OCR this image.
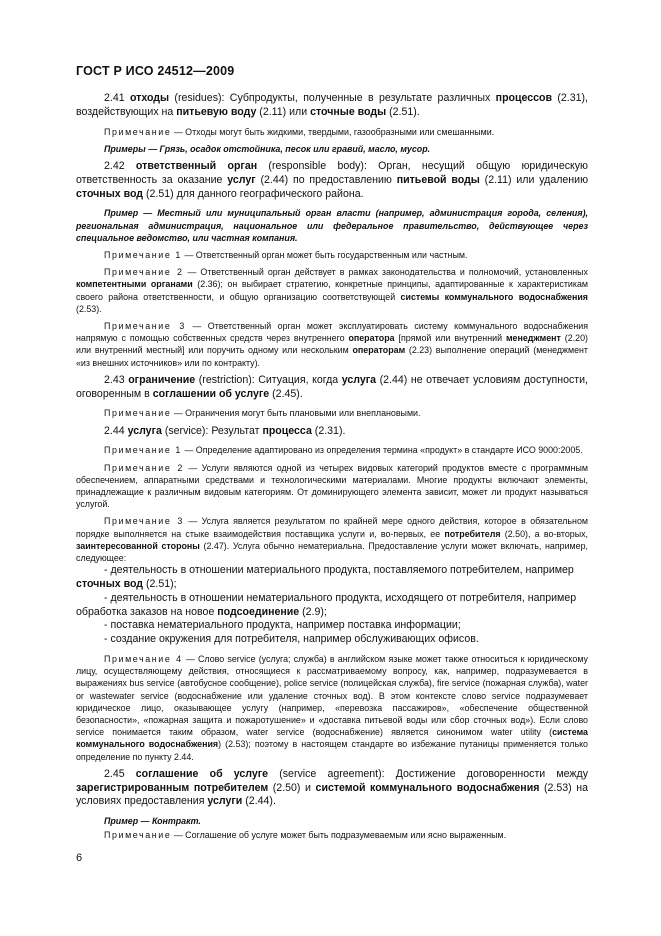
ГОСТ Р ИСО 24512—2009

2.41 отходы (residues): Субпродукты, полученные в результате различных процессов (2.31), воздействующих на питьевую воду (2.11) или сточные воды (2.51).

Примечание — Отходы могут быть жидкими, твердыми, газообразными или смешанными.

Примеры — Грязь, осадок отстойника, песок или гравий, масло, мусор.

2.42 ответственный орган (responsible body): Орган, несущий общую юридическую ответственность за оказание услуг (2.44) по предоставлению питьевой воды (2.11) или удалению сточных вод (2.51) для данного географического района.

Пример — Местный или муниципальный орган власти (например, администрация города, селения), региональная администрация, национальное или федеральное правительство, действующее через специальное ведомство, или частная компания.

Примечание 1 — Ответственный орган может быть государственным или частным.

Примечание 2 — Ответственный орган действует в рамках законодательства и полномочий, установленных компетентными органами (2.36); он выбирает стратегию, конкретные принципы, адаптированные к характеристикам своего района ответственности, и общую организацию соответствующей системы коммунального водоснабжения (2.53).

Примечание 3 — Ответственный орган может эксплуатировать систему коммунального водоснабжения напрямую с помощью собственных средств через внутреннего оператора [прямой или внутренний менеджмент (2.20) или внутренний местный] или поручить одному или нескольким операторам (2.23) выполнение операций (менеджмент «из внешних источников» или по контракту).

2.43 ограничение (restriction): Ситуация, когда услуга (2.44) не отвечает условиям доступности, оговоренным в соглашении об услуге (2.45).

Примечание — Ограничения могут быть плановыми или внеплановыми.

2.44 услуга (service): Результат процесса (2.31).

Примечание 1 — Определение адаптировано из определения термина «продукт» в стандарте ИСО 9000:2005.

Примечание 2 — Услуги являются одной из четырех видовых категорий продуктов вместе с программным обеспечением, аппаратными средствами и технологическими материалами. Многие продукты включают элементы, принадлежащие к различным видовым категориям. От доминирующего элемента зависит, может ли продукт называться услугой.

Примечание 3 — Услуга является результатом по крайней мере одного действия, которое в обязательном порядке выполняется на стыке взаимодействия поставщика услуги и, во-первых, ее потребителя (2.50), а во-вторых, заинтересованной стороны (2.47). Услуга обычно нематериальна. Предоставление услуги может включать, например, следующее:

- деятельность в отношении материального продукта, поставляемого потребителем, например сточных вод (2.51);

- деятельность в отношении нематериального продукта, исходящего от потребителя, например обработка заказов на новое подсоединение (2.9);

- поставка нематериального продукта, например поставка информации;

- создание окружения для потребителя, например обслуживающих офисов.

Примечание 4 — Слово service (услуга; служба) в английском языке может также относиться к юридическому лицу, осуществляющему действия, относящиеся к рассматриваемому вопросу, как, например, подразумевается в выражениях bus service (автобусное сообщение), police service (полицейская служба), fire service (пожарная служба), water or wastewater service (водоснабжение или удаление сточных вод). В этом контексте слово service подразумевает юридическое лицо, оказывающее услугу (например, «перевозка пассажиров», «обеспечение общественной безопасности», «пожарная защита и пожаротушение» и «доставка питьевой воды или сбор сточных вод»). Если слово service понимается таким образом, water service (водоснабжение) является синонимом water utility (система коммунального водоснабжения) (2.53); поэтому в настоящем стандарте во избежание путаницы применяется только определение по пункту 2.44.

2.45 соглашение об услуге (service agreement): Достижение договоренности между зарегистрированным потребителем (2.50) и системой коммунального водоснабжения (2.53) на условиях предоставления услуги (2.44).

Пример — Контракт.

Примечание — Соглашение об услуге может быть подразумеваемым или ясно выраженным.

6
